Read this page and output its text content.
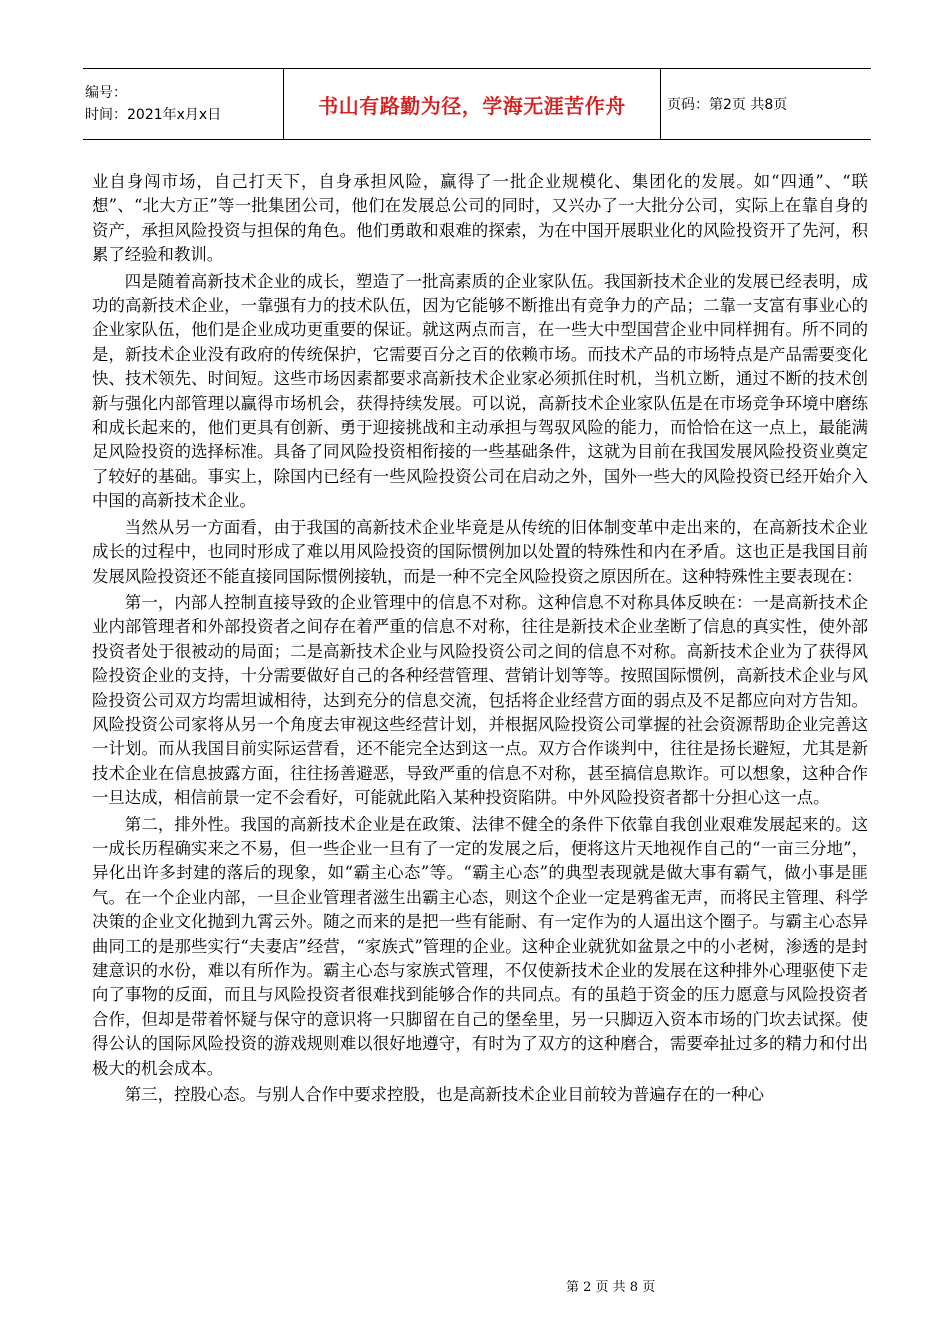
编号：
时间：2021年x月x日	书山有路勤为径，学海无涯苦作舟	页码：第2页 共8页

业自身闯市场，自己打天下，自身承担风险，赢得了一批企业规模化、集团化的发展。如“四通”、“联想”、“北大方正”等一批集团公司，他们在发展总公司的同时，又兴办了一大批分公司，实际上在靠自身的资产，承担风险投资与担保的角色。他们勇敢和艰难的探索，为在中国开展职业化的风险投资开了先河，积累了经验和教训。

四是随着高新技术企业的成长，塑造了一批高素质的企业家队伍。我国新技术企业的发展已经表明，成功的高新技术企业，一靠强有力的技术队伍，因为它能够不断推出有竞争力的产品；二靠一支富有事业心的企业家队伍，他们是企业成功更重要的保证。就这两点而言，在一些大中型国营企业中同样拥有。所不同的是，新技术企业没有政府的传统保护，它需要百分之百的依赖市场。而技术产品的市场特点是产品需要变化快、技术领先、时间短。这些市场因素都要求高新技术企业家必须抓住时机，当机立断，通过不断的技术创新与强化内部管理以赢得市场机会，获得持续发展。可以说，高新技术企业家队伍是在市场竞争环境中磨练和成长起来的，他们更具有创新、勇于迎接挑战和主动承担与驾驭风险的能力，而恰恰在这一点上，最能满足风险投资的选择标准。具备了同风险投资相衔接的一些基础条件，这就为目前在我国发展风险投资业奠定了较好的基础。事实上，除国内已经有一些风险投资公司在启动之外，国外一些大的风险投资已经开始介入中国的高新技术企业。

当然从另一方面看，由于我国的高新技术企业毕竟是从传统的旧体制变革中走出来的，在高新技术企业成长的过程中，也同时形成了难以用风险投资的国际惯例加以处置的特殊性和内在矛盾。这也正是我国目前发展风险投资还不能直接同国际惯例接轨，而是一种不完全风险投资之原因所在。这种特殊性主要表现在：

第一，内部人控制直接导致的企业管理中的信息不对称。这种信息不对称具体反映在：一是高新技术企业内部管理者和外部投资者之间存在着严重的信息不对称，往往是新技术企业垄断了信息的真实性，使外部投资者处于很被动的局面；二是高新技术企业与风险投资公司之间的信息不对称。高新技术企业为了获得风险投资企业的支持，十分需要做好自己的各种经营管理、营销计划等等。按照国际惯例，高新技术企业与风险投资公司双方均需坦诚相待，达到充分的信息交流，包括将企业经营方面的弱点及不足都应向对方告知。风险投资公司家将从另一个角度去审视这些经营计划，并根据风险投资公司掌握的社会资源帮助企业完善这一计划。而从我国目前实际运营看，还不能完全达到这一点。双方合作谈判中，往往是扬长避短，尤其是新技术企业在信息披露方面，往往扬善避恶，导致严重的信息不对称，甚至搞信息欺诈。可以想象，这种合作一旦达成，相信前景一定不会看好，可能就此陷入某种投资陷阱。中外风险投资者都十分担心这一点。

第二，排外性。我国的高新技术企业是在政策、法律不健全的条件下依靠自我创业艰难发展起来的。这一成长历程确实来之不易，但一些企业一旦有了一定的发展之后，便将这片天地视作自己的“一亩三分地”，异化出许多封建的落后的现象，如“霸主心态”等。“霸主心态”的典型表现就是做大事有霸气，做小事是匪气。在一个企业内部，一旦企业管理者滋生出霸主心态，则这个企业一定是鸦雀无声，而将民主管理、科学决策的企业文化抛到九霄云外。随之而来的是把一些有能耐、有一定作为的人逼出这个圈子。与霸主心态异曲同工的是那些实行“夫妻店”经营，“家族式”管理的企业。这种企业就犹如盆景之中的小老树，渗透的是封建意识的水份，难以有所作为。霸主心态与家族式管理，不仅使新技术企业的发展在这种排外心理驱使下走向了事物的反面，而且与风险投资者很难找到能够合作的共同点。有的虽趋于资金的压力愿意与风险投资者合作，但却是带着怀疑与保守的意识将一只脚留在自己的堡垒里，另一只脚迈入资本市场的门坎去试探。使得公认的国际风险投资的游戏规则难以很好地遵守，有时为了双方的这种磨合，需要牵扯过多的精力和付出极大的机会成本。

第三，控股心态。与别人合作中要求控股，也是高新技术企业目前较为普遍存在的一种心

第 2 页 共 8 页
